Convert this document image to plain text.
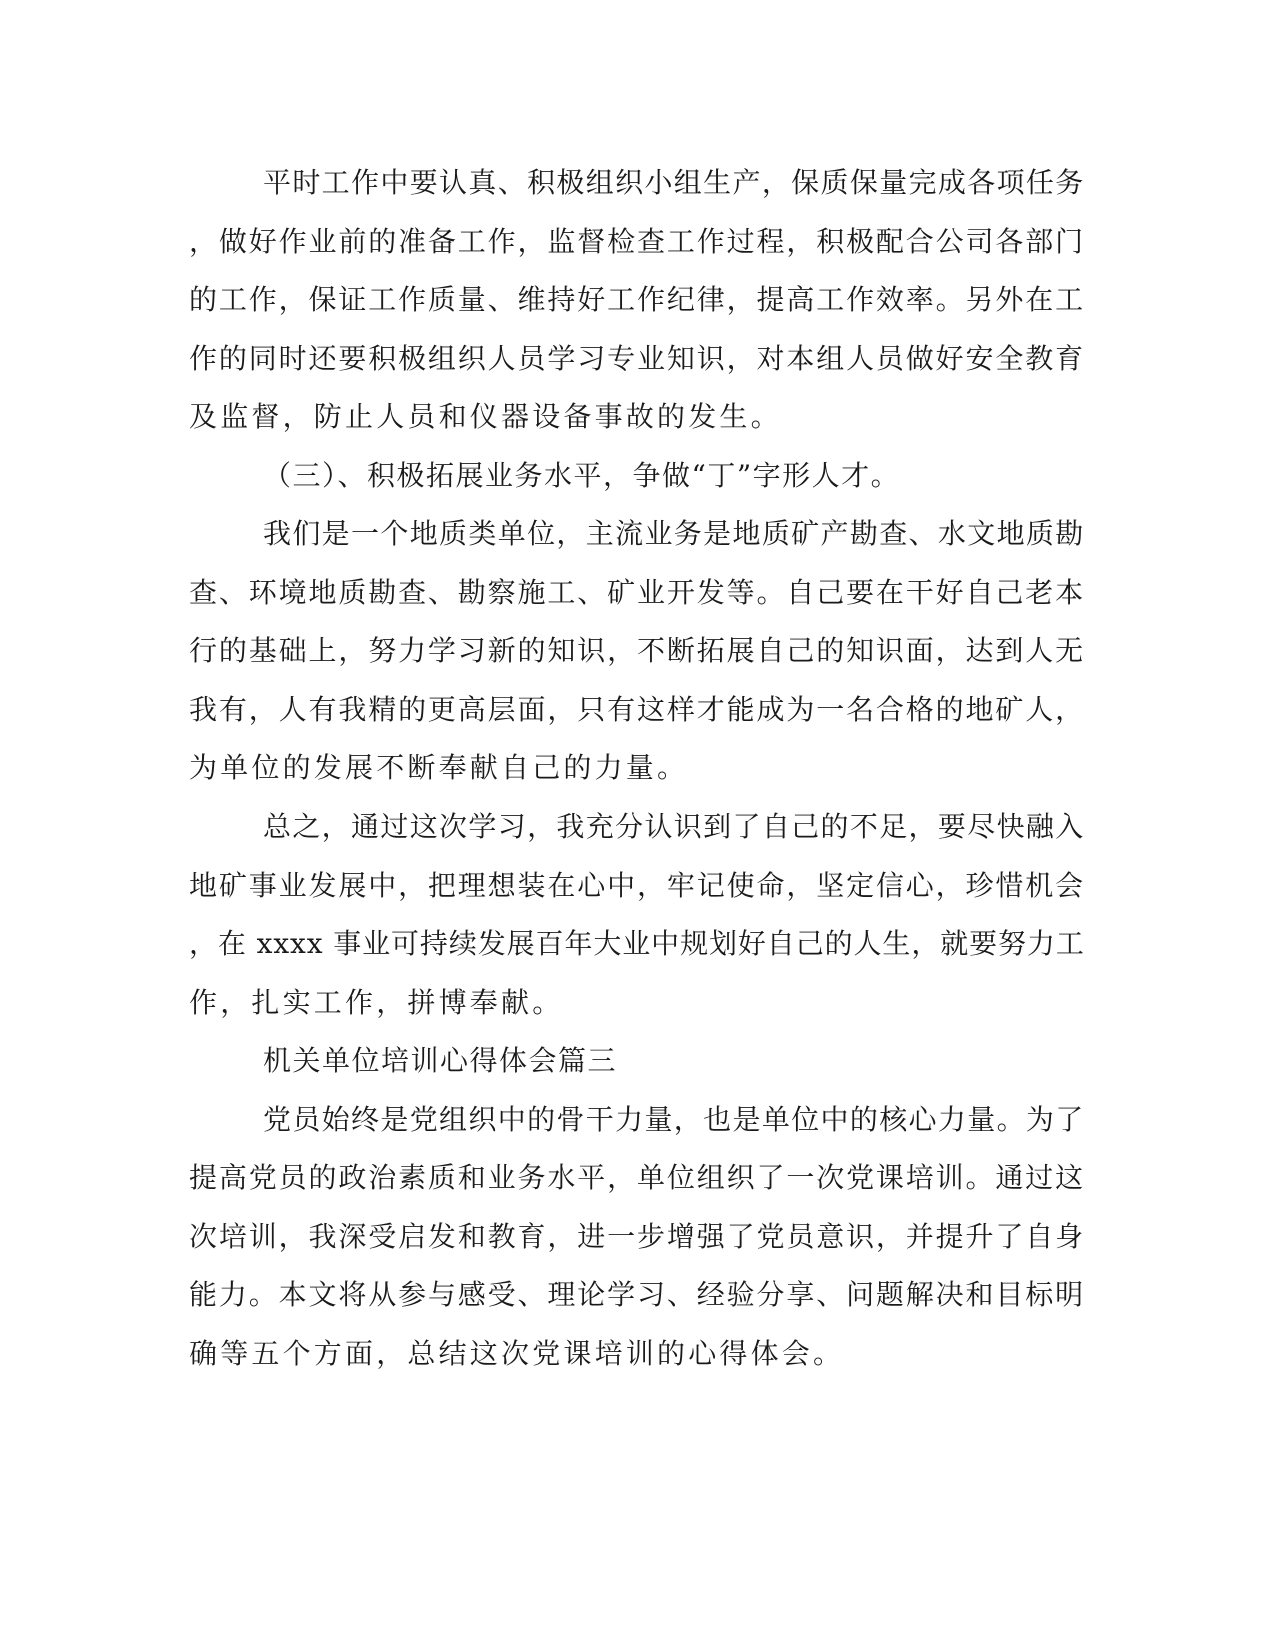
平时工作中要认真、积极组织小组生产，保质保量完成各项任务
，做好作业前的准备工作，监督检查工作过程，积极配合公司各部门
的工作，保证工作质量、维持好工作纪律，提高工作效率。另外在工
作的同时还要积极组织人员学习专业知识，对本组人员做好安全教育
及监督，防止人员和仪器设备事故的发生。
（三）、积极拓展业务水平，争做“丁”字形人才。
我们是一个地质类单位，主流业务是地质矿产勘查、水文地质勘
查、环境地质勘查、勘察施工、矿业开发等。自己要在干好自己老本
行的基础上，努力学习新的知识，不断拓展自己的知识面，达到人无
我有，人有我精的更高层面，只有这样才能成为一名合格的地矿人，
为单位的发展不断奉献自己的力量。
总之，通过这次学习，我充分认识到了自己的不足，要尽快融入
地矿事业发展中，把理想装在心中，牢记使命，坚定信心，珍惜机会
，在 xxxx 事业可持续发展百年大业中规划好自己的人生，就要努力工
作，扎实工作，拼博奉献。
机关单位培训心得体会篇三
党员始终是党组织中的骨干力量，也是单位中的核心力量。为了
提高党员的政治素质和业务水平，单位组织了一次党课培训。通过这
次培训，我深受启发和教育，进一步增强了党员意识，并提升了自身
能力。本文将从参与感受、理论学习、经验分享、问题解决和目标明
确等五个方面，总结这次党课培训的心得体会。
